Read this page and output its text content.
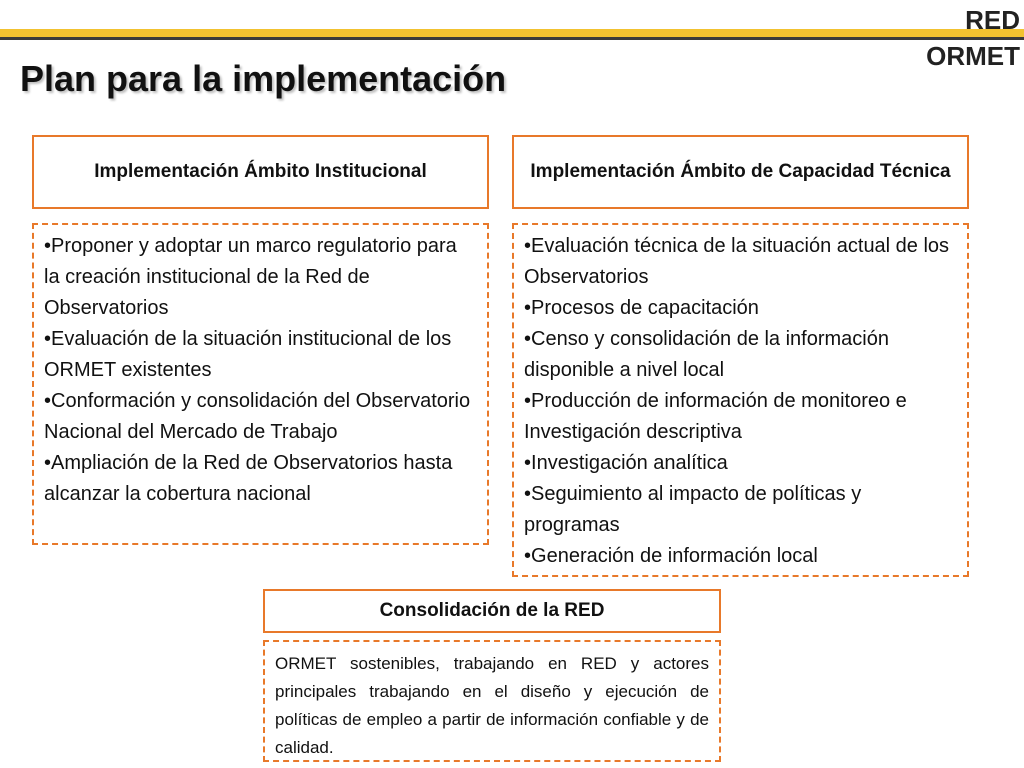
RED
ORMET
Plan para la implementación
Implementación Ámbito Institucional
• Proponer y adoptar un marco regulatorio para la creación institucional de la Red de Observatorios
• Evaluación de la situación institucional de los ORMET existentes
• Conformación y consolidación del Observatorio Nacional del Mercado de Trabajo
• Ampliación de la Red de Observatorios hasta alcanzar la cobertura nacional
Implementación Ámbito de Capacidad Técnica
• Evaluación técnica de la situación actual de los Observatorios
• Procesos de capacitación
• Censo y consolidación de la información disponible a nivel local
• Producción de información de monitoreo e Investigación descriptiva
• Investigación analítica
• Seguimiento al impacto de políticas y programas
• Generación de información local
Consolidación de la RED

ORMET sostenibles, trabajando en RED y actores principales trabajando en el diseño y ejecución de políticas de empleo a partir de información confiable y de calidad.
